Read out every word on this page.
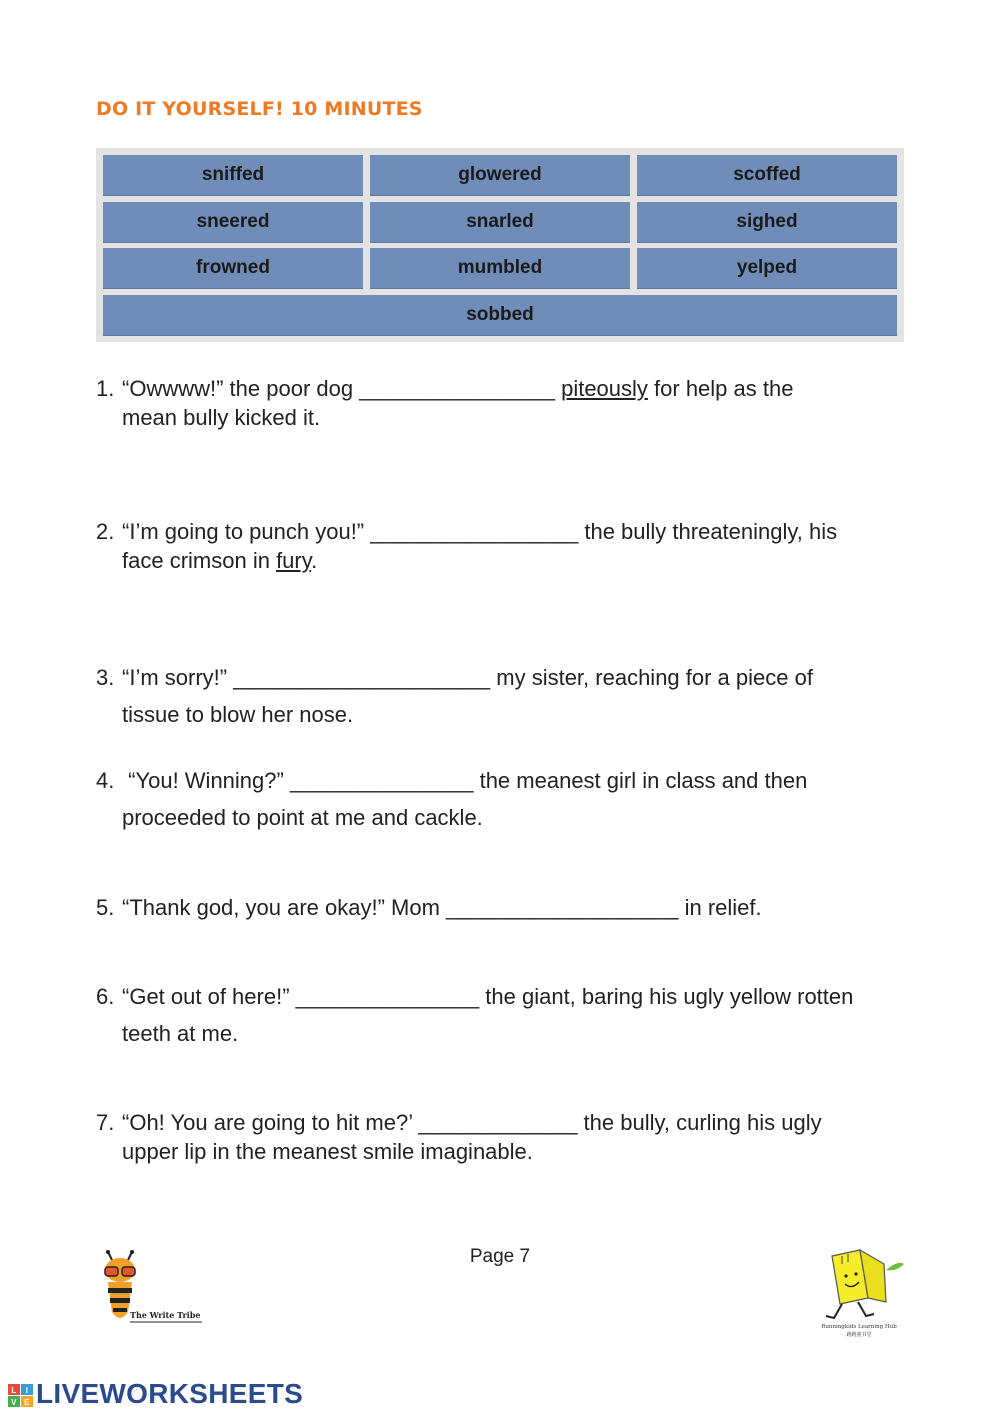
DO IT YOURSELF! 10 MINUTES
sniffed	glowered	scoffed
sneered	snarled	sighed
frowned	mumbled	yelped
sobbed
1. “Owwww!” the poor dog ________________ piteously for help as the
mean bully kicked it.
2. “I’m going to punch you!” _________________ the bully threateningly, his
face crimson in fury.
3. “I’m sorry!” _____________________ my sister, reaching for a piece of
tissue to blow her nose.
4. “You! Winning?” _______________ the meanest girl in class and then
proceeded to point at me and cackle.
5. “Thank god, you are okay!” Mom ___________________ in relief.
6. “Get out of here!” _______________ the giant, baring his ugly yellow rotten
teeth at me.
7. “Oh! You are going to hit me?’ _____________ the bully, curling his ugly
upper lip in the meanest smile imaginable.
Page 7
The Write Tribe
Runningkids Learning Hub
跑跑童书堂
L I
V E LIVEWORKSHEETS
